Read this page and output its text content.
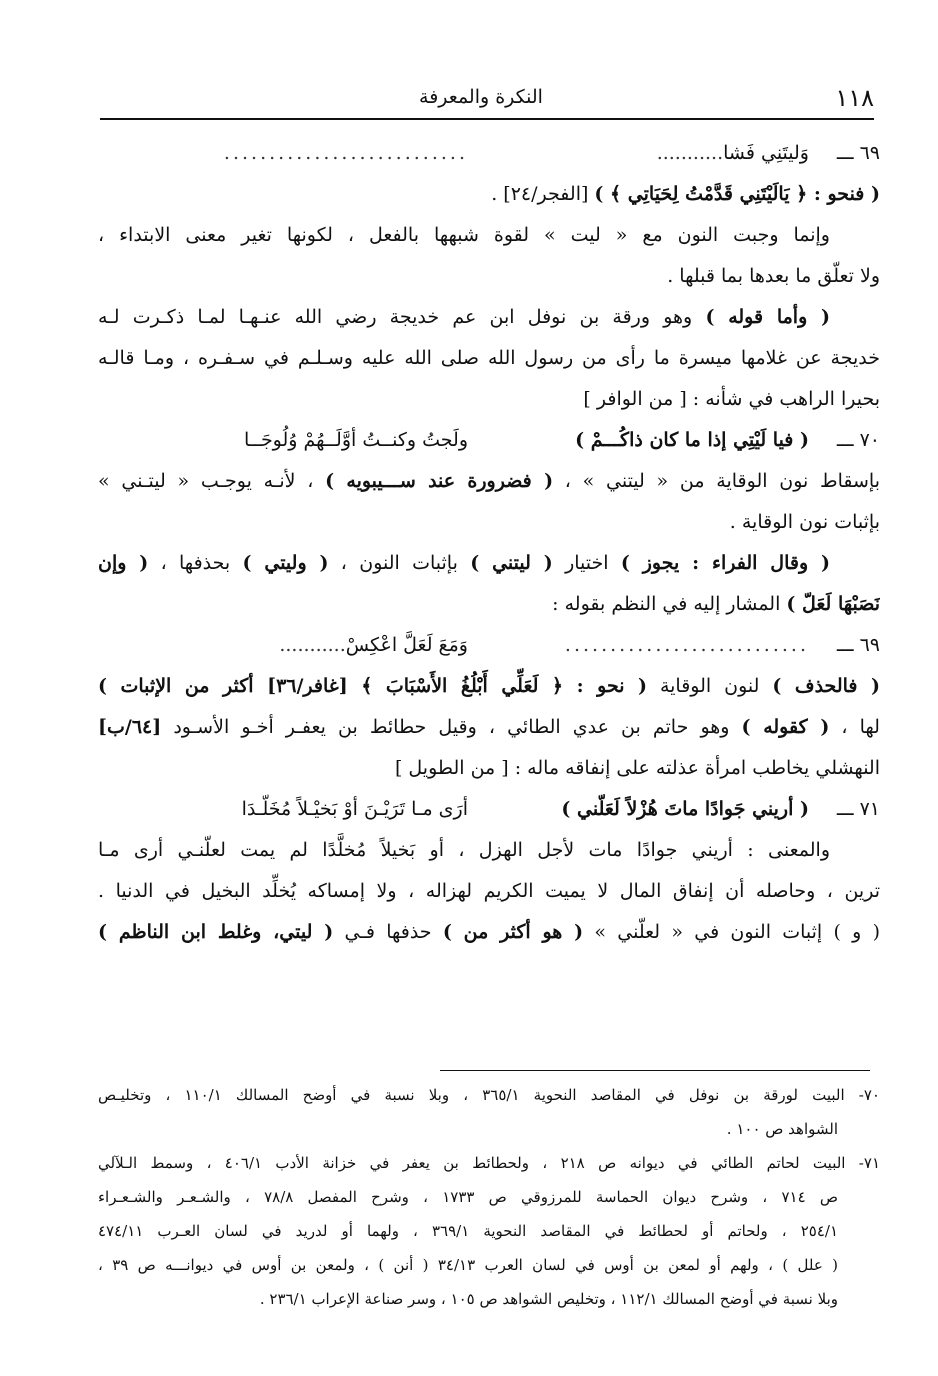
١١٨
النكرة والمعرفة
٦٩ ـــ
وَليتَنِي فَشا...........
...........................
( فنحو : ﴿ يَالَيْتَنِي قَدَّمْتُ لِحَيَاتِي ﴾ ) [الفجر/٢٤] .
وإنما وجبت النون مع « ليت » لقوة شبهها بالفعل ، لكونها تغير معنى الابتداء ،
ولا تعلّق ما بعدها بما قبلها .
( وأما قوله ) وهو ورقة بن نوفل ابن عم خديجة رضي الله عنـهـا لمـا ذكـرت لـه
خديجة عن غلامها ميسرة ما رأى من رسول الله صلى الله عليه وسـلـم في سـفـره ، ومـا قالـه
بحيرا الراهب في شأنه : [ من الوافر ]
٧٠ ـــ
( فيا لَيْتِي إذا ما كان ذاكُـــمْ )
ولَجتُ وكنــتُ أوَّلَــهُمْ وُلُوجَــا
بإسقاط نون الوقاية من « ليتني » ، ( فضرورة عند ســـيبويه ) ، لأنـه يوجـب « ليتـني »
بإثبات نون الوقاية .
( وقال الفراء : يجوز ) اختيار ( ليتني ) بإثبات النون ، ( وليتي ) بحذفها ، ( وإن
نَصَبْهَا لَعَلّ ) المشار إليه في النظم بقوله :
٦٩ ـــ
...........................
وَمَعَ لَعَلَّ اعْكِسْ...........
( فالحذف ) لنون الوقاية ( نحو : ﴿ لَعَلِّي أَبْلُغُ الأَسْبَابَ ﴾ [غافر/٣٦] أكثر من الإثبات )
لها ، ( كقوله ) وهو حاتم بن عدي الطائي ، وقيل حطائط بن يعفـر أخـو الأسـود [٦٤/ب]
النهشلي يخاطب امرأة عذلته على إنفاقه ماله : [ من الطويل ]
٧١ ـــ
( أريني جَوادًا ماتَ هُزْلاً لَعَلّني )
أرَى مـا تَرَيْـنَ أوْ بَخيْـلاً مُخَلّـدَا
والمعنى : أريني جوادًا مات لأجل الهزل ، أو بَخيلاً مُخلَّدًا لم يمت لعلّنـي أرى مـا
ترين ، وحاصله أن إنفاق المال لا يميت الكريم لهزاله ، ولا إمساكه يُخلِّد البخيل في الدنيا .
( و ) إثبات النون في « لعلّني » ( هو أكثر من ) حذفها فـي ( ليتي، وغلط ابن الناظم )
٧٠- البيت لورقة بن نوفل في المقاصد النحوية ٣٦٥/١ ، وبلا نسبة في أوضح المسالك ١١٠/١ ، وتخليـص
الشواهد ص ١٠٠ .
٧١- البيت لحاتم الطائي في ديوانه ص ٢١٨ ، ولحطائط بن يعفر في خزانة الأدب ٤٠٦/١ ، وسمط الـلآلي
ص ٧١٤ ، وشرح ديوان الحماسة للمرزوقي ص ١٧٣٣ ، وشرح المفصل ٧٨/٨ ، والشـعـر والشـعـراء
٢٥٤/١ ، ولحاتم أو لحطائط في المقاصد النحوية ٣٦٩/١ ، ولهما أو لدريد في لسان العـرب ٤٧٤/١١
( علل ) ، ولهم أو لمعن بن أوس في لسان العرب ٣٤/١٣ ( أنن ) ، ولمعن بن أوس في ديوانـــه ص ٣٩ ،
وبلا نسبة في أوضح المسالك ١١٢/١ ، وتخليص الشواهد ص ١٠٥ ، وسر صناعة الإعراب ٢٣٦/١ .
